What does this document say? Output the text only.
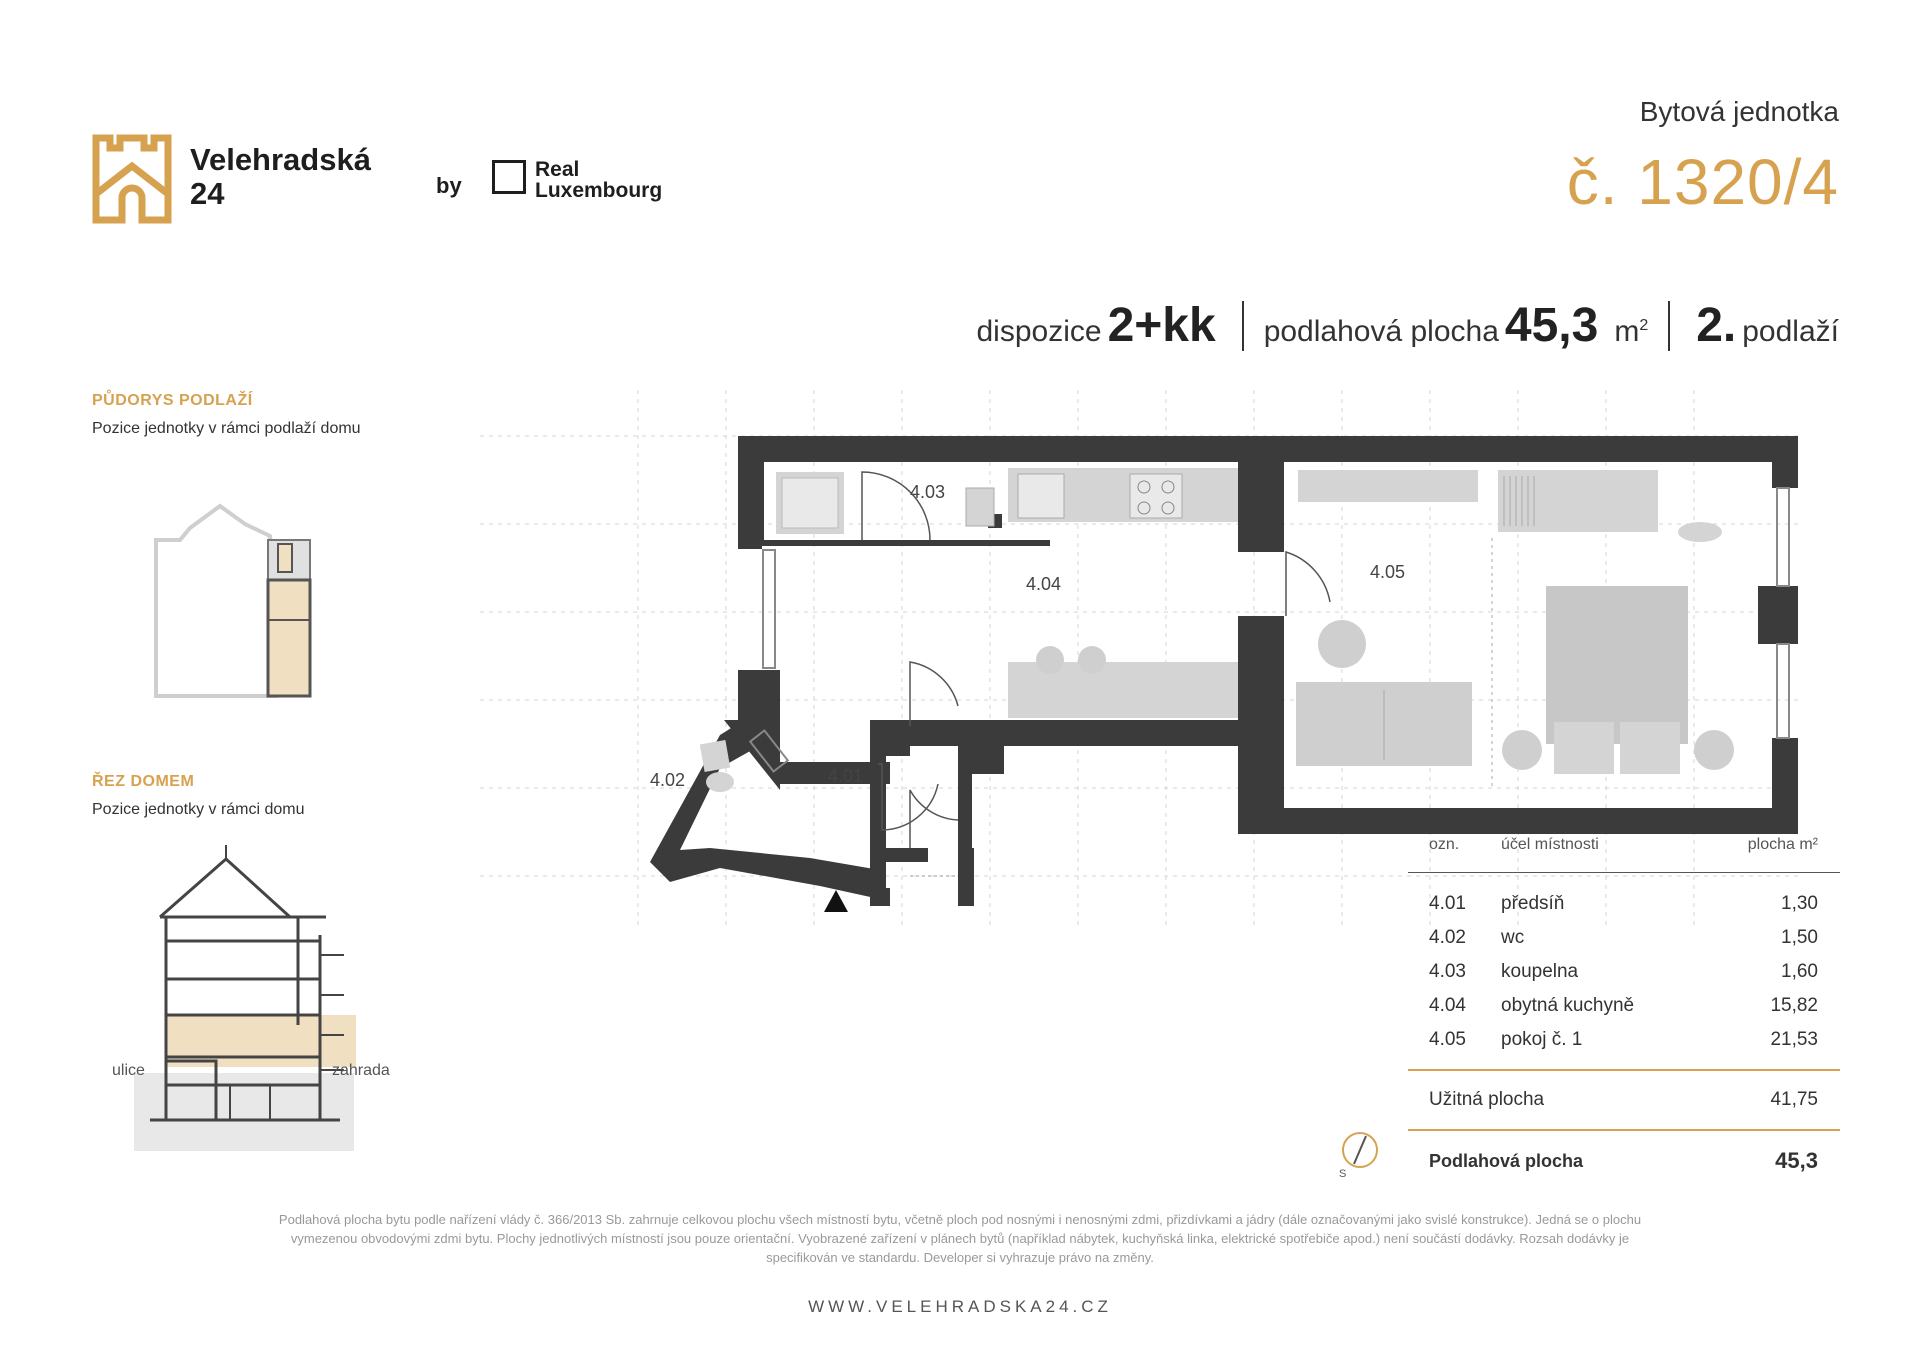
Velehradská
24	by
Real
Luxembourg
Bytová jednotka
č. 1320/4
dispozice 2+kk podlahová plocha 45,3 $m^2$ 2. podlaží
PŮDORYS PODLAŽÍ
Pozice jednotky v rámci podlaží domu
ŘEZ DOMEM
Pozice jednotky v rámci domu
ulice	zahrada
4.03
4.04
4.05
4.01
4.02
S
ozn.	účel místnosti	plocha m²
4.01	předsíň	1,30
4.02	wc	1,50
4.03	koupelna	1,60
4.04	obytná kuchyně	15,82
4.05	pokoj č. 1	21,53
Užitná plocha	41,75
Podlahová plocha	45,3
Podlahová plocha bytu podle nařízení vlády č. 366/2013 Sb. zahrnuje celkovou plochu všech místností bytu, včetně ploch pod nosnými i nenosnými zdmi, přizdívkami a jádry (dále označovanými jako svislé konstrukce). Jedná se o plochu
vymezenou obvodovými zdmi bytu. Plochy jednotlivých místností jsou pouze orientační. Vyobrazené zařízení v plánech bytů (například nábytek, kuchyňská linka, elektrické spotřebiče apod.) není součástí dodávky. Rozsah dodávky je
specifikován ve standardu. Developer si vyhrazuje právo na změny.
WWW.VELEHRADSKA24.CZ
